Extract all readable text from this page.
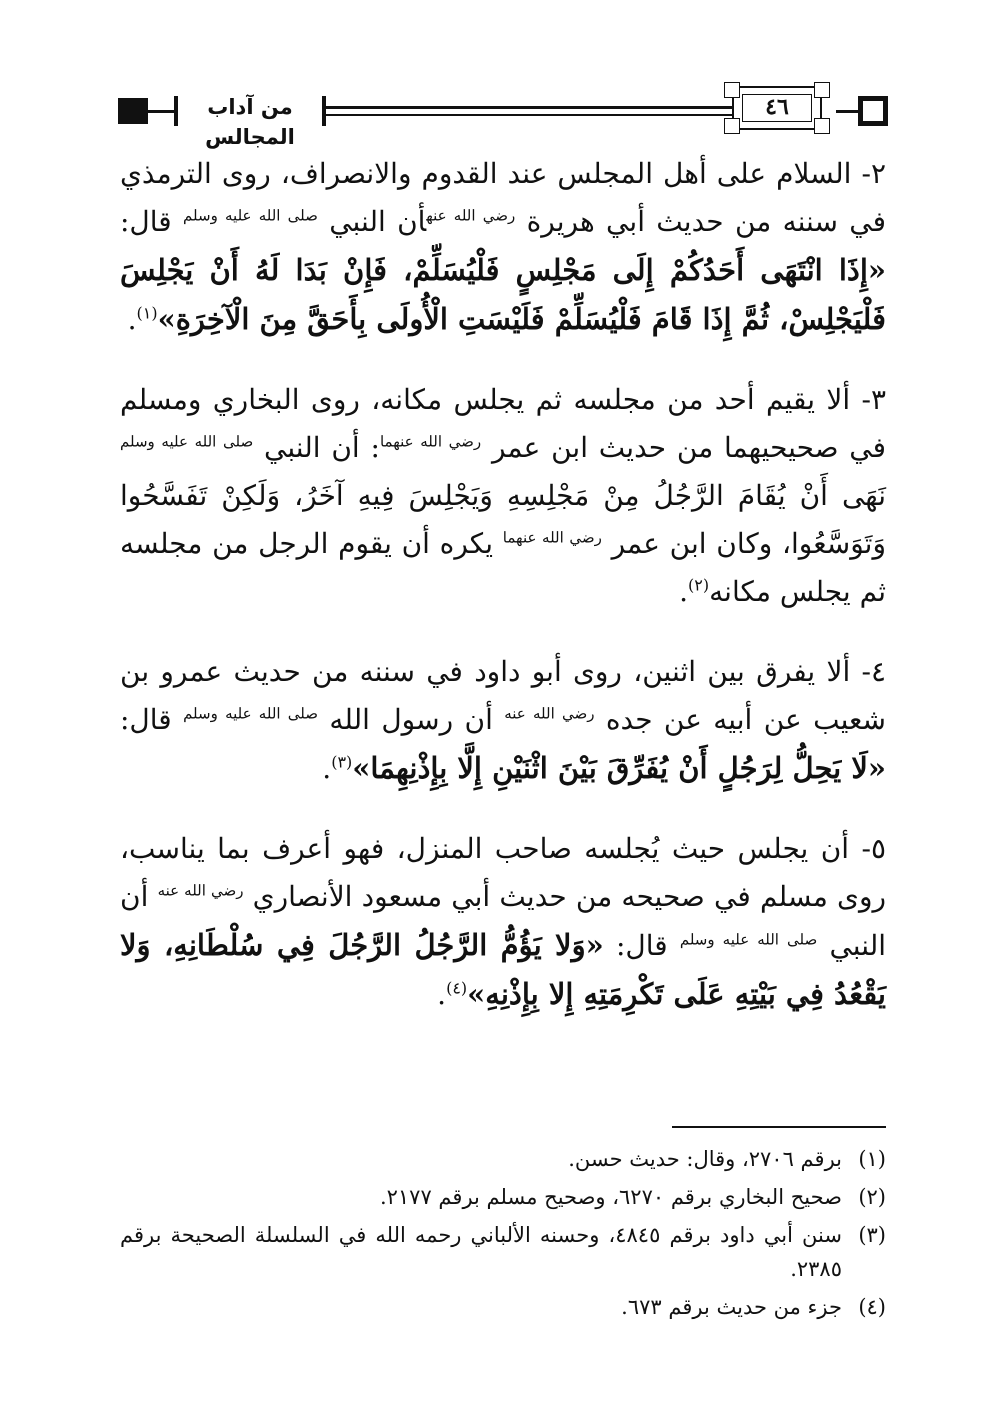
من آداب المجالس
٤٦

٢- السلام على أهل المجلس عند القدوم والانصراف، روى الترمذي في سننه من حديث أبي هريرة $^{رضي الله عنه}$أن النبي $^{صلى الله عليه وسلم}$ قال: «إِذَا انْتَهَى أَحَدُكُمْ إِلَى مَجْلِسٍ فَلْيُسَلِّمْ، فَإِنْ بَدَا لَهُ أَنْ يَجْلِسَ فَلْيَجْلِسْ، ثُمَّ إِذَا قَامَ فَلْيُسَلِّمْ فَلَيْسَتِ الْأُولَى بِأَحَقَّ مِنَ الْآخِرَةِ»$^{(١)}$.

٣- ألا يقيم أحد من مجلسه ثم يجلس مكانه، روى البخاري ومسلم في صحيحيهما من حديث ابن عمر $^{رضي الله عنهما}$: أن النبي $^{صلى الله عليه وسلم}$ نَهَى أَنْ يُقَامَ الرَّجُلُ مِنْ مَجْلِسِهِ وَيَجْلِسَ فِيهِ آخَرُ، وَلَكِنْ تَفَسَّحُوا وَتَوَسَّعُوا، وكان ابن عمر $^{رضي الله عنهما}$ يكره أن يقوم الرجل من مجلسه ثم يجلس مكانه$^{(٢)}$.

٤- ألا يفرق بين اثنين، روى أبو داود في سننه من حديث عمرو بن شعيب عن أبيه عن جده $^{رضي الله عنه}$ أن رسول الله $^{صلى الله عليه وسلم}$ قال: «لَا يَحِلُّ لِرَجُلٍ أَنْ يُفَرِّقَ بَيْنَ اثْنَيْنِ إِلَّا بِإِذْنِهِمَا»$^{(٣)}$.

٥- أن يجلس حيث يُجلسه صاحب المنزل، فهو أعرف بما يناسب، روى مسلم في صحيحه من حديث أبي مسعود الأنصاري $^{رضي الله عنه}$ أن النبي $^{صلى الله عليه وسلم}$ قال: «وَلا يَؤُمُّ الرَّجُلُ الرَّجُلَ فِي سُلْطَانِهِ، وَلا يَقْعُدُ فِي بَيْتِهِ عَلَى تَكْرِمَتِهِ إِلا بِإِذْنِهِ»$^{(٤)}$.

(١)
برقم ٢٧٠٦، وقال: حديث حسن.
(٢)
صحيح البخاري برقم ٦٢٧٠، وصحيح مسلم برقم ٢١٧٧.
(٣)
سنن أبي داود برقم ٤٨٤٥، وحسنه الألباني رحمه الله في السلسلة الصحيحة برقم ٢٣٨٥.
(٤)
جزء من حديث برقم ٦٧٣.
